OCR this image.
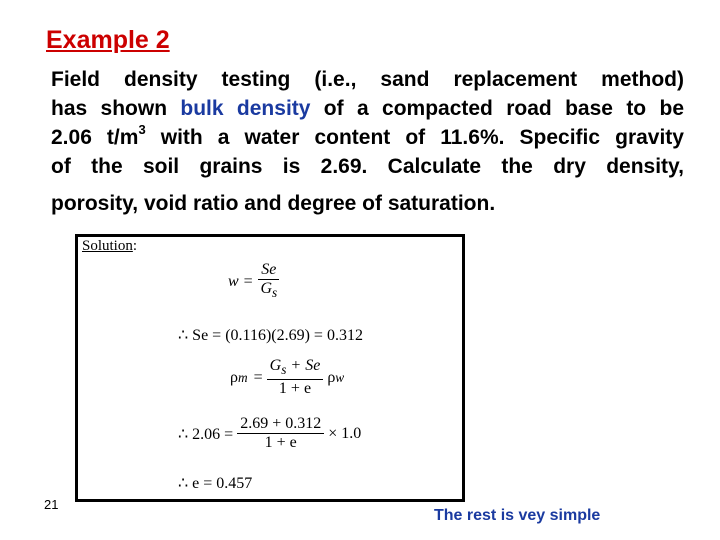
Example 2
Field density testing (i.e., sand replacement method)
has shown bulk density of a compacted road base to be
2.06 $t/m^3$ with a water content of 11.6%. Specific gravity
of the soil grains is 2.69. Calculate the dry density,
porosity, void ratio and degree of saturation.
Solution:
$w = \frac{Se}{G_s}$
∴ Se = (0.116)(2.69) = 0.312
ρ $m = \frac{G_s + Se}{1 + e}$ ρ w
∴ $2.06 = \frac{2.69 + 0.312}{1 + e} \times 1.0$
∴ e = 0.457
21
The rest is vey simple
